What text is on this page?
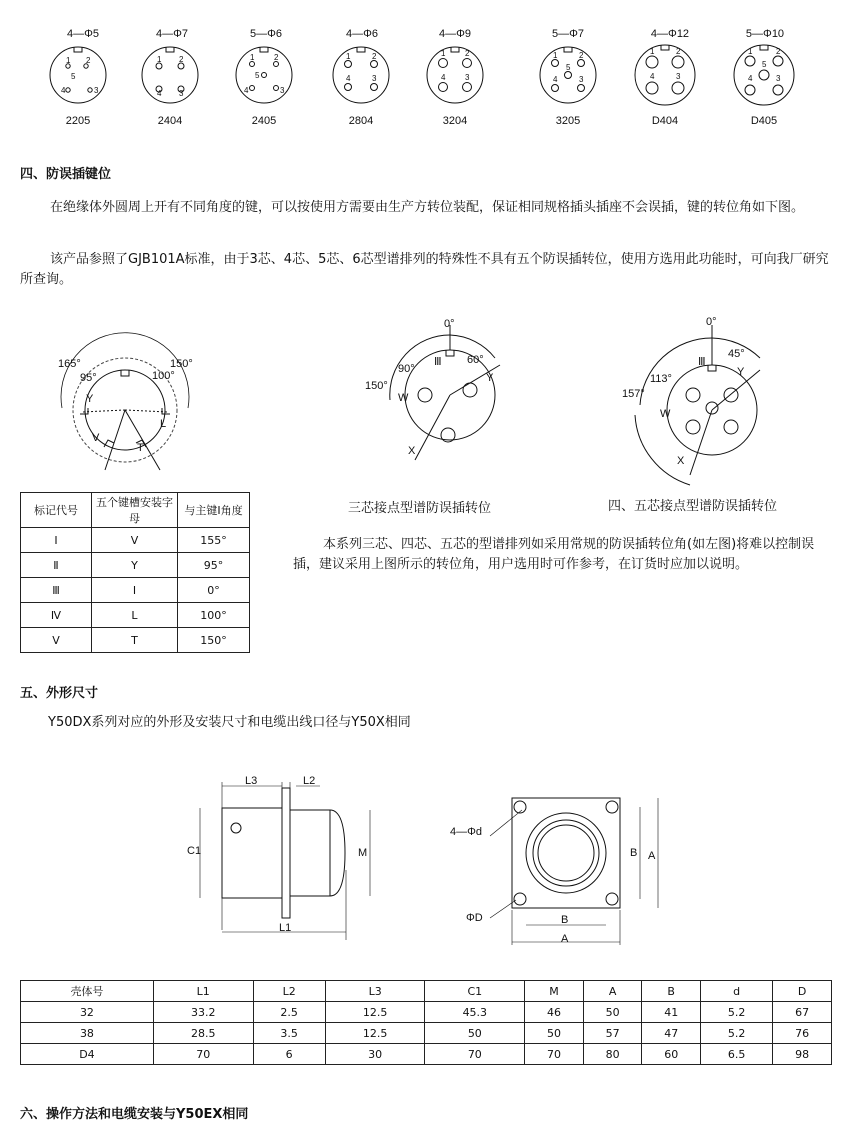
4—Φ5	4—Φ7	5—Φ6	4—Φ6	4—Φ9	5—Φ7	4—Φ12	5—Φ10
1 2
5
4	3
1 2
4 3
1 2
5
4	3
1	2
4	3
1 2
4 3
1	2
5
4	3
1	2
4	3
1	2
5
4	3
2205	2404	2405	2804	3204	3205	D404	D405
四、防误插键位
在绝缘体外圆周上开有不同角度的键，可以按使用方需要由生产方转位装配，保证相同规格插头插座不会误插，键的转位角如下图。
该产品参照了GJB101A标准，由于3芯、4芯、5芯、6芯型谱排列的特殊性不具有五个防误插转位，使用方选用此功能时，可向我厂研究所查询。
165°	150°
95°	100°
Y
V
L
T
0°
60°
90°
150°
Ⅲ
Y
W
X
三芯接点型谱防误插转位
0°
45°
113°
157°
Ⅲ
Y
W
X
四、五芯接点型谱防误插转位
标记代号	五个键槽安装字母	与主键Ⅰ角度
Ⅰ	V	155°
Ⅱ	Y	95°
Ⅲ	I	0°
Ⅳ	L	100°
Ⅴ	T	150°
本系列三芯、四芯、五芯的型谱排列如采用常规的防误插转位角(如左图)将难以控制误插，建议采用上图所示的转位角，用户选用时可作参考，在订货时应加以说明。
五、外形尺寸
Y50DX系列对应的外形及安装尺寸和电缆出线口径与Y50X相同
L3	L2
C1	M
L1
4—Φd
B A
ΦD	B
A
壳体号	L1	L2	L3	C1	M	A	B	d	D
32	33.2	2.5	12.5	45.3	46	50	41	5.2	67
38	28.5	3.5	12.5	50	50	57	47	5.2	76
D4	70	6	30	70	70	80	60	6.5	98
六、操作方法和电缆安装与Y50EX相同
